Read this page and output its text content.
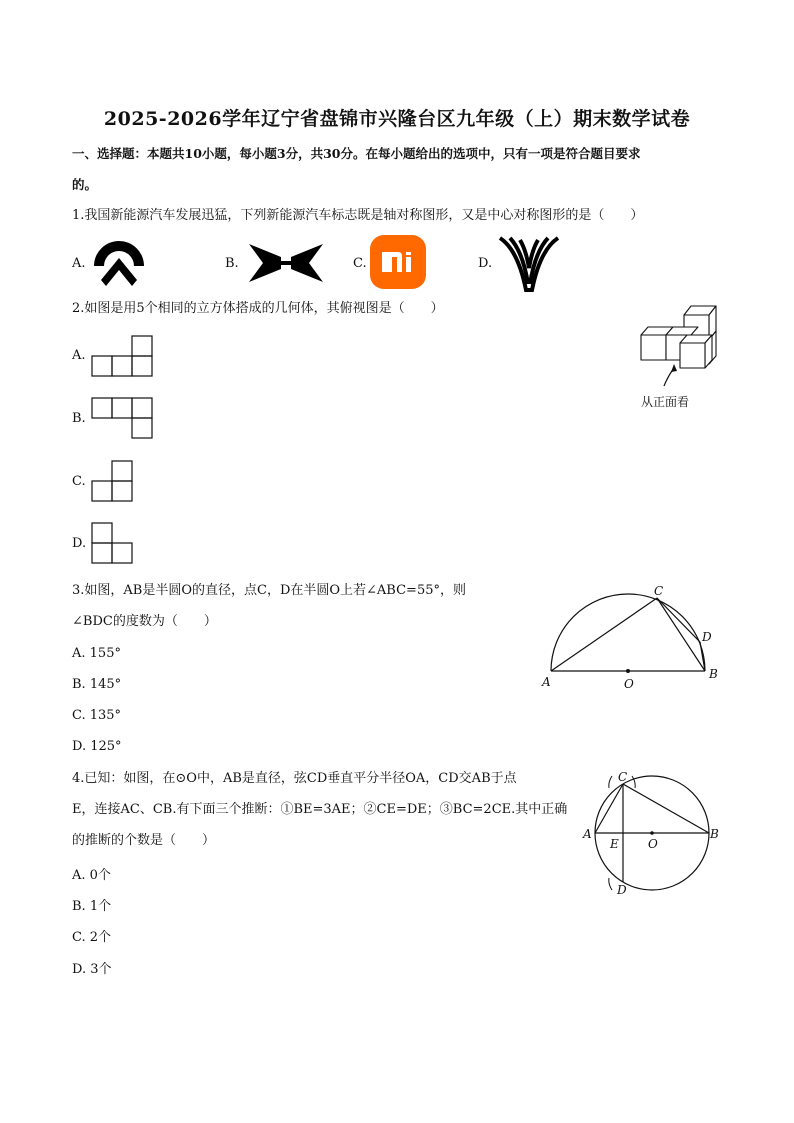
2025-2026学年辽宁省盘锦市兴隆台区九年级（上）期末数学试卷
一、选择题：本题共10小题，每小题3分，共30分。在每小题给出的选项中，只有一项是符合题目要求
的。
1.我国新能源汽车发展迅猛，下列新能源汽车标志既是轴对称图形，又是中心对称图形的是（　　）
A.	B.	C.	D.
2.如图是用5个相同的立方体搭成的几何体，其俯视图是（　　）
A.
B.
C.
D.
从正面看
3.如图，AB是半圆O的直径，点C，D在半圆O上若∠ABC=55°，则
∠BDC的度数为（　　）
A. 155°
B. 145°
C. 135°
D. 125°
A
B
C
D
O
4.已知：如图，在⊙O中，AB是直径，弦CD垂直平分半径OA，CD交AB于点
E，连接AC、CB.有下面三个推断：①BE=3AE；②CE=DE；③BC=2CE.其中正确
的推断的个数是（　　）
A. 0个
B. 1个
C. 2个
D. 3个
A	B
C
D
E O
